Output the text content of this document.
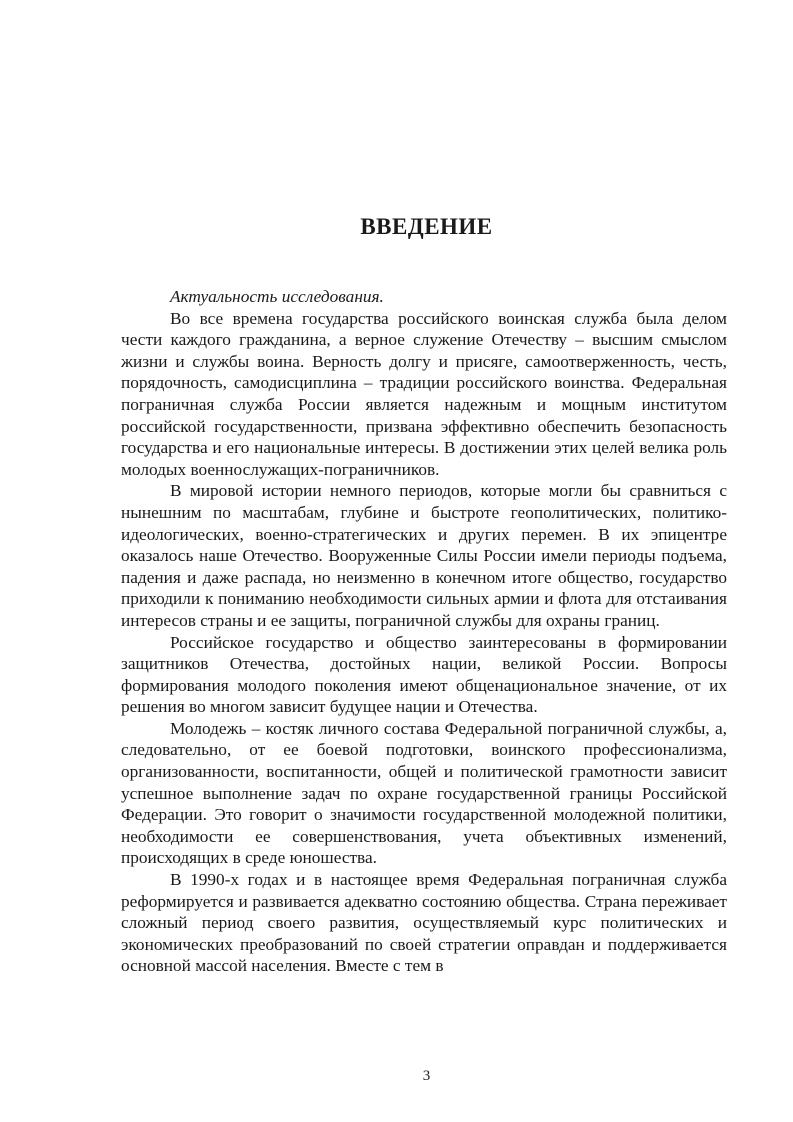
ВВЕДЕНИЕ

Актуальность исследования.

Во все времена государства российского воинская служба была делом чести каждого гражданина, а верное служение Отечеству – высшим смыслом жизни и службы воина. Верность долгу и присяге, самоотверженность, честь, порядочность, самодисциплина – традиции российского воинства. Федеральная пограничная служба России является надежным и мощным институтом российской государственности, призвана эффективно обеспечить безопасность государства и его национальные интересы. В достижении этих целей велика роль молодых военнослужащих-пограничников.

В мировой истории немного периодов, которые могли бы сравниться с нынешним по масштабам, глубине и быстроте геополитических, политико-идеологических, военно-стратегических и других перемен. В их эпицентре оказалось наше Отечество. Вооруженные Силы России имели периоды подъема, падения и даже распада, но неизменно в конечном итоге общество, государство приходили к пониманию необходимости сильных армии и флота для отстаивания интересов страны и ее защиты, пограничной службы для охраны границ.

Российское государство и общество заинтересованы в формировании защитников Отечества, достойных нации, великой России. Вопросы формирования молодого поколения имеют общенациональное значение, от их решения во многом зависит будущее нации и Отечества.

Молодежь – костяк личного состава Федеральной пограничной службы, а, следовательно, от ее боевой подготовки, воинского профессионализма, организованности, воспитанности, общей и политической грамотности зависит успешное выполнение задач по охране государственной границы Российской Федерации. Это говорит о значимости государственной молодежной политики, необходимости ее совершенствования, учета объективных изменений, происходящих в среде юношества.

В 1990-х годах и в настоящее время Федеральная пограничная служба реформируется и развивается адекватно состоянию общества. Страна переживает сложный период своего развития, осуществляемый курс политических и экономических преобразований по своей стратегии оправдан и поддерживается основной массой населения. Вместе с тем в

3
